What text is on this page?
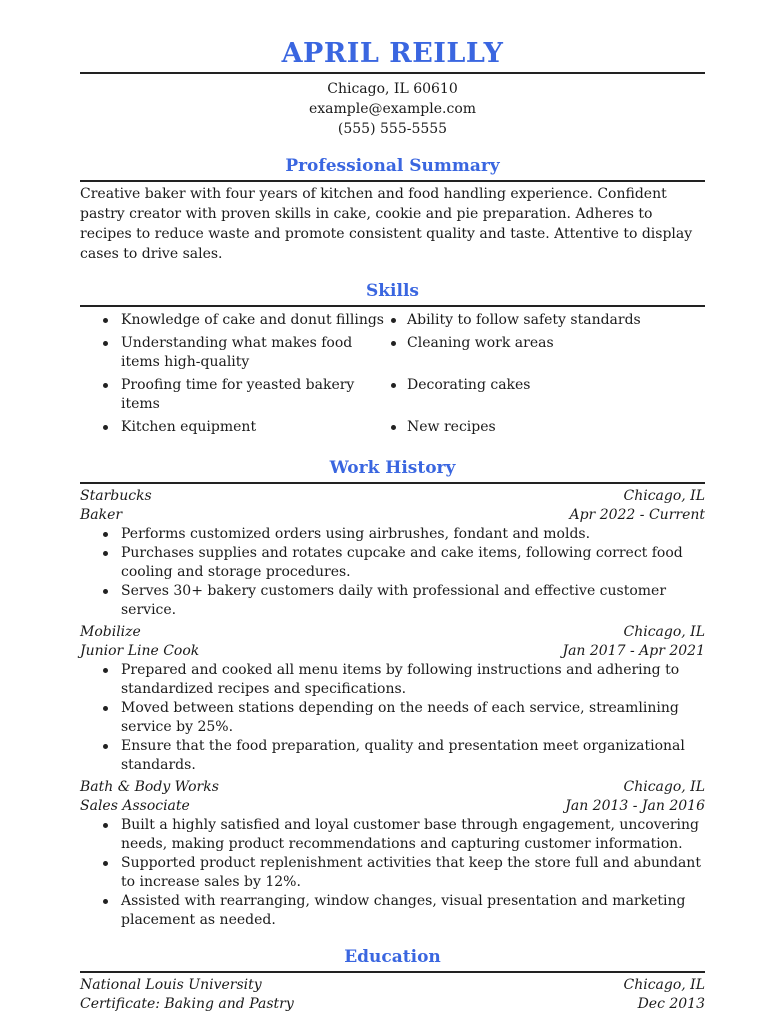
APRIL REILLY
Chicago, IL 60610
example@example.com
(555) 555-5555
Professional Summary
Creative baker with four years of kitchen and food handling experience. Confident pastry creator with proven skills in cake, cookie and pie preparation. Adheres to recipes to reduce waste and promote consistent quality and taste. Attentive to display cases to drive sales.
Skills
Knowledge of cake and donut fillings	Ability to follow safety standards
Understanding what makes food items high-quality
Cleaning work areas
Proofing time for yeasted bakery items
Decorating cakes
Kitchen equipment	New recipes
Work History
Starbucks	Chicago, IL
Baker	Apr 2022 - Current
Performs customized orders using airbrushes, fondant and molds.
Purchases supplies and rotates cupcake and cake items, following correct food cooling and storage procedures.
Serves 30+ bakery customers daily with professional and effective customer service.
Mobilize	Chicago, IL
Junior Line Cook	Jan 2017 - Apr 2021
Prepared and cooked all menu items by following instructions and adhering to standardized recipes and specifications.
Moved between stations depending on the needs of each service, streamlining service by 25%.
Ensure that the food preparation, quality and presentation meet organizational standards.
Bath & Body Works	Chicago, IL
Sales Associate	Jan 2013 - Jan 2016
Built a highly satisfied and loyal customer base through engagement, uncovering needs, making product recommendations and capturing customer information.
Supported product replenishment activities that keep the store full and abundant to increase sales by 12%.
Assisted with rearranging, window changes, visual presentation and marketing placement as needed.
Education
National Louis University	Chicago, IL
Certificate: Baking and Pastry	Dec 2013
